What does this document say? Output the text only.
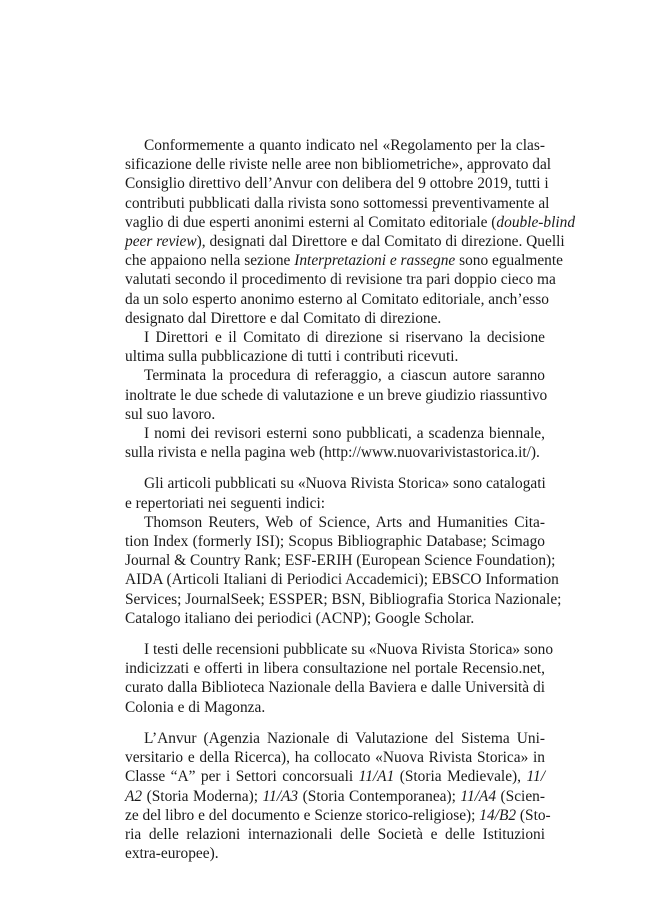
Conformemente a quanto indicato nel «Regolamento per la clas-
sificazione delle riviste nelle aree non bibliometriche», approvato dal
Consiglio direttivo dell’Anvur con delibera del 9 ottobre 2019, tutti i
contributi pubblicati dalla rivista sono sottomessi preventivamente al
vaglio di due esperti anonimi esterni al Comitato editoriale (double-blind
peer review), designati dal Direttore e dal Comitato di direzione. Quelli
che appaiono nella sezione Interpretazioni e rassegne sono egualmente
valutati secondo il procedimento di revisione tra pari doppio cieco ma
da un solo esperto anonimo esterno al Comitato editoriale, anch’esso
designato dal Direttore e dal Comitato di direzione.
I Direttori e il Comitato di direzione si riservano la decisione
ultima sulla pubblicazione di tutti i contributi ricevuti.
Terminata la procedura di referaggio, a ciascun autore saranno
inoltrate le due schede di valutazione e un breve giudizio riassuntivo
sul suo lavoro.
I nomi dei revisori esterni sono pubblicati, a scadenza biennale,
sulla rivista e nella pagina web (http://www.nuovarivistastorica.it/).
Gli articoli pubblicati su «Nuova Rivista Storica» sono catalogati
e repertoriati nei seguenti indici:
Thomson Reuters, Web of Science, Arts and Humanities Cita-
tion Index (formerly ISI); Scopus Bibliographic Database; Scimago
Journal & Country Rank; ESF-ERIH (European Science Foundation);
AIDA (Articoli Italiani di Periodici Accademici); EBSCO Information
Services; JournalSeek; ESSPER; BSN, Bibliografia Storica Nazionale;
Catalogo italiano dei periodici (ACNP); Google Scholar.
I testi delle recensioni pubblicate su «Nuova Rivista Storica» sono
indicizzati e offerti in libera consultazione nel portale Recensio.net,
curato dalla Biblioteca Nazionale della Baviera e dalle Università di
Colonia e di Magonza.
L’Anvur (Agenzia Nazionale di Valutazione del Sistema Uni-
versitario e della Ricerca), ha collocato «Nuova Rivista Storica» in
Classe “A” per i Settori concorsuali 11/A1 (Storia Medievale), 11/
A2 (Storia Moderna); 11/A3 (Storia Contemporanea); 11/A4 (Scien-
ze del libro e del documento e Scienze storico-religiose); 14/B2 (Sto-
ria delle relazioni internazionali delle Società e delle Istituzioni
extra-europee).
